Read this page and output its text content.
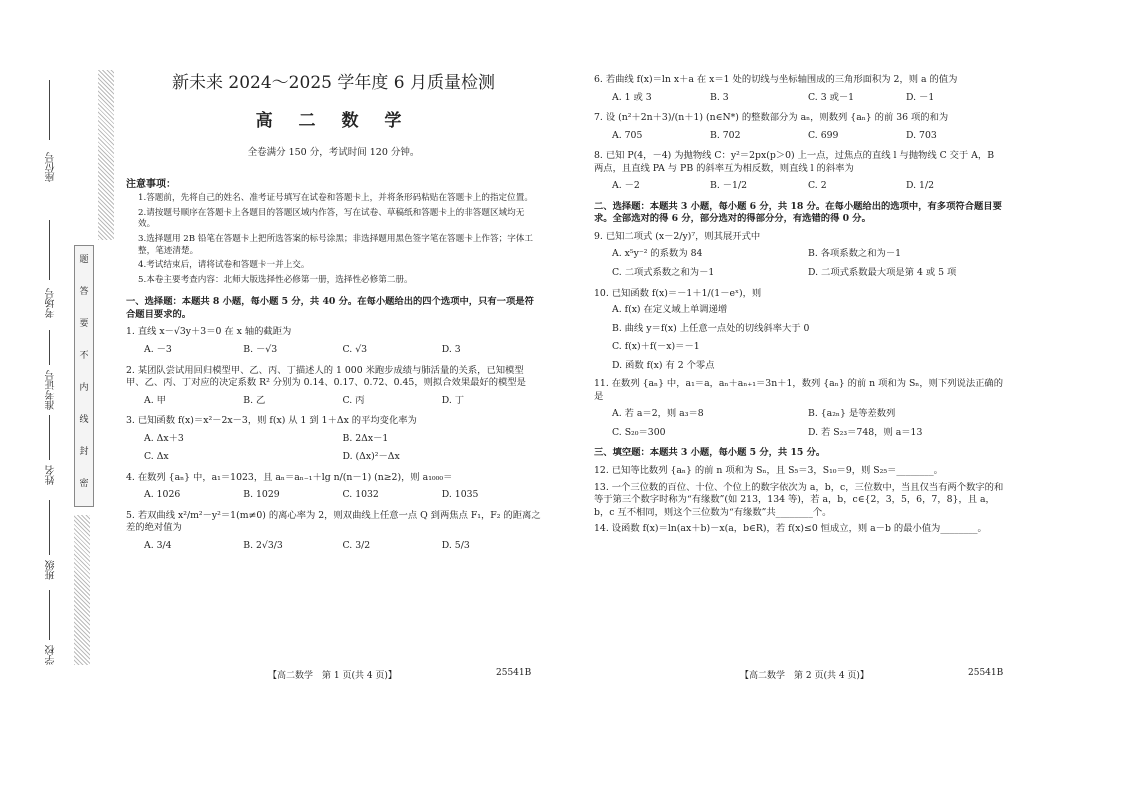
座位号
考场号
准考证号
姓名
班级
学校
题
答
要
不
内
线
封
密
新未来 2024～2025 学年度 6 月质量检测
高 二 数 学
全卷满分 150 分，考试时间 120 分钟。
注意事项：
1.答题前，先将自己的姓名、准考证号填写在试卷和答题卡上，并将条形码粘贴在答题卡上的指定位置。
2.请按题号顺序在答题卡上各题目的答题区域内作答，写在试卷、草稿纸和答题卡上的非答题区域均无效。
3.选择题用 2B 铅笔在答题卡上把所选答案的标号涂黑；非选择题用黑色签字笔在答题卡上作答；字体工整，笔迹清楚。
4.考试结束后，请将试卷和答题卡一并上交。
5.本卷主要考查内容：北师大版选择性必修第一册，选择性必修第二册。
一、选择题：本题共 8 小题，每小题 5 分，共 40 分。在每小题给出的四个选项中，只有一项是符合题目要求的。
1. 直线 x－√3y＋3＝0 在 x 轴的截距为
A. －3	B. －√3	C. √3	D. 3
2. 某团队尝试用回归模型甲、乙、丙、丁描述人的 1 000 米跑步成绩与肺活量的关系，已知模型甲、乙、丙、丁对应的决定系数 R² 分别为 0.14、0.17、0.72、0.45，则拟合效果最好的模型是
A. 甲	B. 乙	C. 丙	D. 丁
3. 已知函数 f(x)＝x²－2x－3，则 f(x) 从 1 到 1＋Δx 的平均变化率为
A. Δx＋3	B. 2Δx－1
C. Δx	D. (Δx)²－Δx
4. 在数列 {aₙ} 中，a₁＝1023，且 aₙ＝aₙ₋₁＋lg n/(n－1) (n≥2)，则 a₁₀₀₀＝
A. 1026	B. 1029	C. 1032	D. 1035
5. 若双曲线 x²/m²－y²＝1(m≠0) 的离心率为 2，则双曲线上任意一点 Q 到两焦点 F₁，F₂ 的距离之差的绝对值为
A. 3/4	B. 2√3/3	C. 3/2	D. 5/3
6. 若曲线 f(x)＝ln x＋a 在 x＝1 处的切线与坐标轴围成的三角形面积为 2，则 a 的值为
A. 1 或 3	B. 3	C. 3 或－1	D. －1
7. 设 (n²＋2n＋3)/(n＋1) (n∈N*) 的整数部分为 aₙ，则数列 {aₙ} 的前 36 项的和为
A. 705	B. 702	C. 699	D. 703
8. 已知 P(4，－4) 为抛物线 C：y²＝2px(p＞0) 上一点，过焦点的直线 l 与抛物线 C 交于 A，B 两点，且直线 PA 与 PB 的斜率互为相反数，则直线 l 的斜率为
A. －2	B. －1/2	C. 2	D. 1/2
二、选择题：本题共 3 小题，每小题 6 分，共 18 分。在每小题给出的选项中，有多项符合题目要求。全部选对的得 6 分，部分选对的得部分分，有选错的得 0 分。
9. 已知二项式 (x－2/y)⁷，则其展开式中
A. x⁵y⁻² 的系数为 84	B. 各项系数之和为－1
C. 二项式系数之和为－1	D. 二项式系数最大项是第 4 或 5 项
10. 已知函数 f(x)＝－1＋1/(1－eˣ)，则
A. f(x) 在定义域上单调递增
B. 曲线 y＝f(x) 上任意一点处的切线斜率大于 0
C. f(x)＋f(－x)＝－1
D. 函数 f(x) 有 2 个零点
11. 在数列 {aₙ} 中，a₁＝a，aₙ＋aₙ₊₁＝3n＋1，数列 {aₙ} 的前 n 项和为 Sₙ，则下列说法正确的是
A. 若 a＝2，则 a₃＝8	B. {a₂ₙ} 是等差数列
C. S₂₀＝300	D. 若 S₂₃＝748，则 a＝13
三、填空题：本题共 3 小题，每小题 5 分，共 15 分。
12. 已知等比数列 {aₙ} 的前 n 项和为 Sₙ，且 S₅＝3，S₁₀＝9，则 S₂₅＝________。
13. 一个三位数的百位、十位、个位上的数字依次为 a，b，c，三位数中，当且仅当有两个数字的和等于第三个数字时称为“有缘数”(如 213，134 等)，若 a，b，c∈{2，3，5，6，7，8}，且 a，b，c 互不相同，则这个三位数为“有缘数”共________个。
14. 设函数 f(x)＝ln(ax＋b)－x(a，b∈R)，若 f(x)≤0 恒成立，则 a－b 的最小值为________。
【高二数学　第 1 页(共 4 页)】	25541B	【高二数学　第 2 页(共 4 页)】	25541B
